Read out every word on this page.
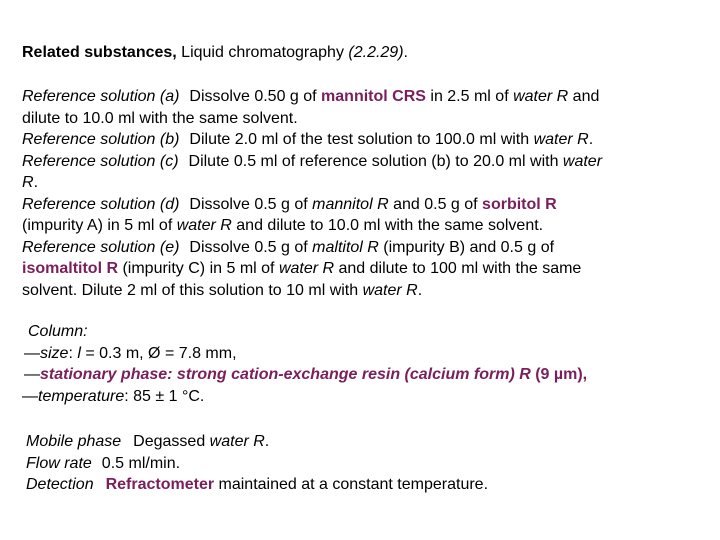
Related substances, Liquid chromatography (2.2.29).

Reference solution (a) Dissolve 0.50 g of mannitol CRS in 2.5 ml of water R and

dilute to 10.0 ml with the same solvent.

Reference solution (b) Dilute 2.0 ml of the test solution to 100.0 ml with water R.

Reference solution (c) Dilute 0.5 ml of reference solution (b) to 20.0 ml with water

R.

Reference solution (d) Dissolve 0.5 g of mannitol R and 0.5 g of sorbitol R

(impurity A) in 5 ml of water R and dilute to 10.0 ml with the same solvent.

Reference solution (e) Dissolve 0.5 g of maltitol R (impurity B) and 0.5 g of

isomaltitol R (impurity C) in 5 ml of water R and dilute to 100 ml with the same

solvent. Dilute 2 ml of this solution to 10 ml with water R.

Column:

—size: l = 0.3 m, Ø = 7.8 mm,

—stationary phase: strong cation-exchange resin (calcium form) R (9 µm),

—temperature: 85 ± 1 °C.

Mobile phase Degassed water R.

Flow rate 0.5 ml/min.

Detection Refractometer maintained at a constant temperature.
